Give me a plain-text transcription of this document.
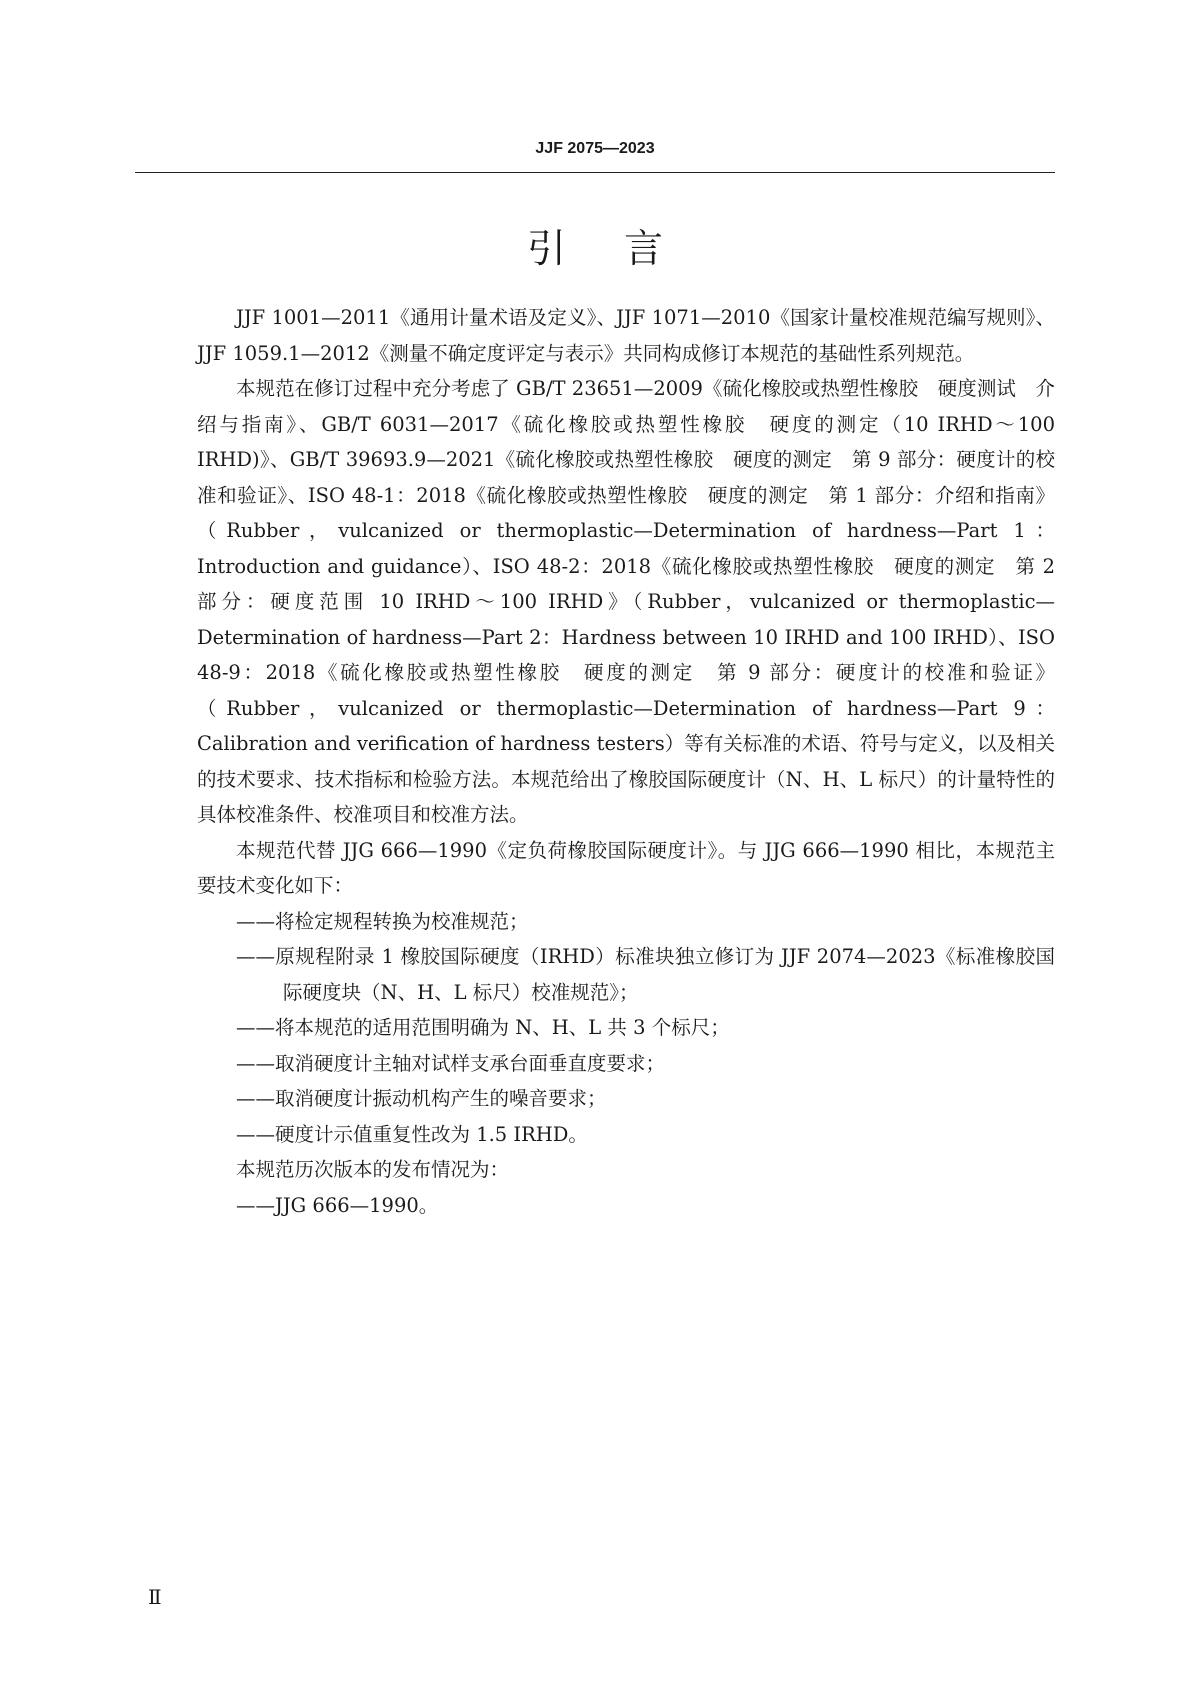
JJF 2075—2023
引言

JJF 1001—2011《通用计量术语及定义》、JJF 1071—2010《国家计量校准规范编写规则》、JJF 1059.1—2012《测量不确定度评定与表示》共同构成修订本规范的基础性系列规范。

本规范在修订过程中充分考虑了 GB/T 23651—2009《硫化橡胶或热塑性橡胶　硬度测试　介绍与指南》、GB/T 6031—2017《硫化橡胶或热塑性橡胶　硬度的测定（10 IRHD～100 IRHD)》、GB/T 39693.9—2021《硫化橡胶或热塑性橡胶　硬度的测定　第 9 部分：硬度计的校准和验证》、ISO 48-1：2018《硫化橡胶或热塑性橡胶　硬度的测定　第 1 部分：介绍和指南》（Rubber，vulcanized or thermoplastic—Determination of hardness—Part 1：Introduction and guidance）、ISO 48-2：2018《硫化橡胶或热塑性橡胶　硬度的测定　第 2 部分：硬度范围 10 IRHD～100 IRHD》（Rubber，vulcanized or thermoplastic—Determination of hardness—Part 2：Hardness between 10 IRHD and 100 IRHD）、ISO 48-9：2018《硫化橡胶或热塑性橡胶　硬度的测定　第 9 部分：硬度计的校准和验证》（Rubber，vulcanized or thermoplastic—Determination of hardness—Part 9：Calibration and verification of hardness testers）等有关标准的术语、符号与定义，以及相关的技术要求、技术指标和检验方法。本规范给出了橡胶国际硬度计（N、H、L 标尺）的计量特性的具体校准条件、校准项目和校准方法。

本规范代替 JJG 666—1990《定负荷橡胶国际硬度计》。与 JJG 666—1990 相比，本规范主要技术变化如下：

——将检定规程转换为校准规范；

——原规程附录 1 橡胶国际硬度（IRHD）标准块独立修订为 JJF 2074—2023《标准橡胶国际硬度块（N、H、L 标尺）校准规范》；

——将本规范的适用范围明确为 N、H、L 共 3 个标尺；

——取消硬度计主轴对试样支承台面垂直度要求；

——取消硬度计振动机构产生的噪音要求；

——硬度计示值重复性改为 1.5 IRHD。

本规范历次版本的发布情况为：

——JJG 666—1990。

Ⅱ
